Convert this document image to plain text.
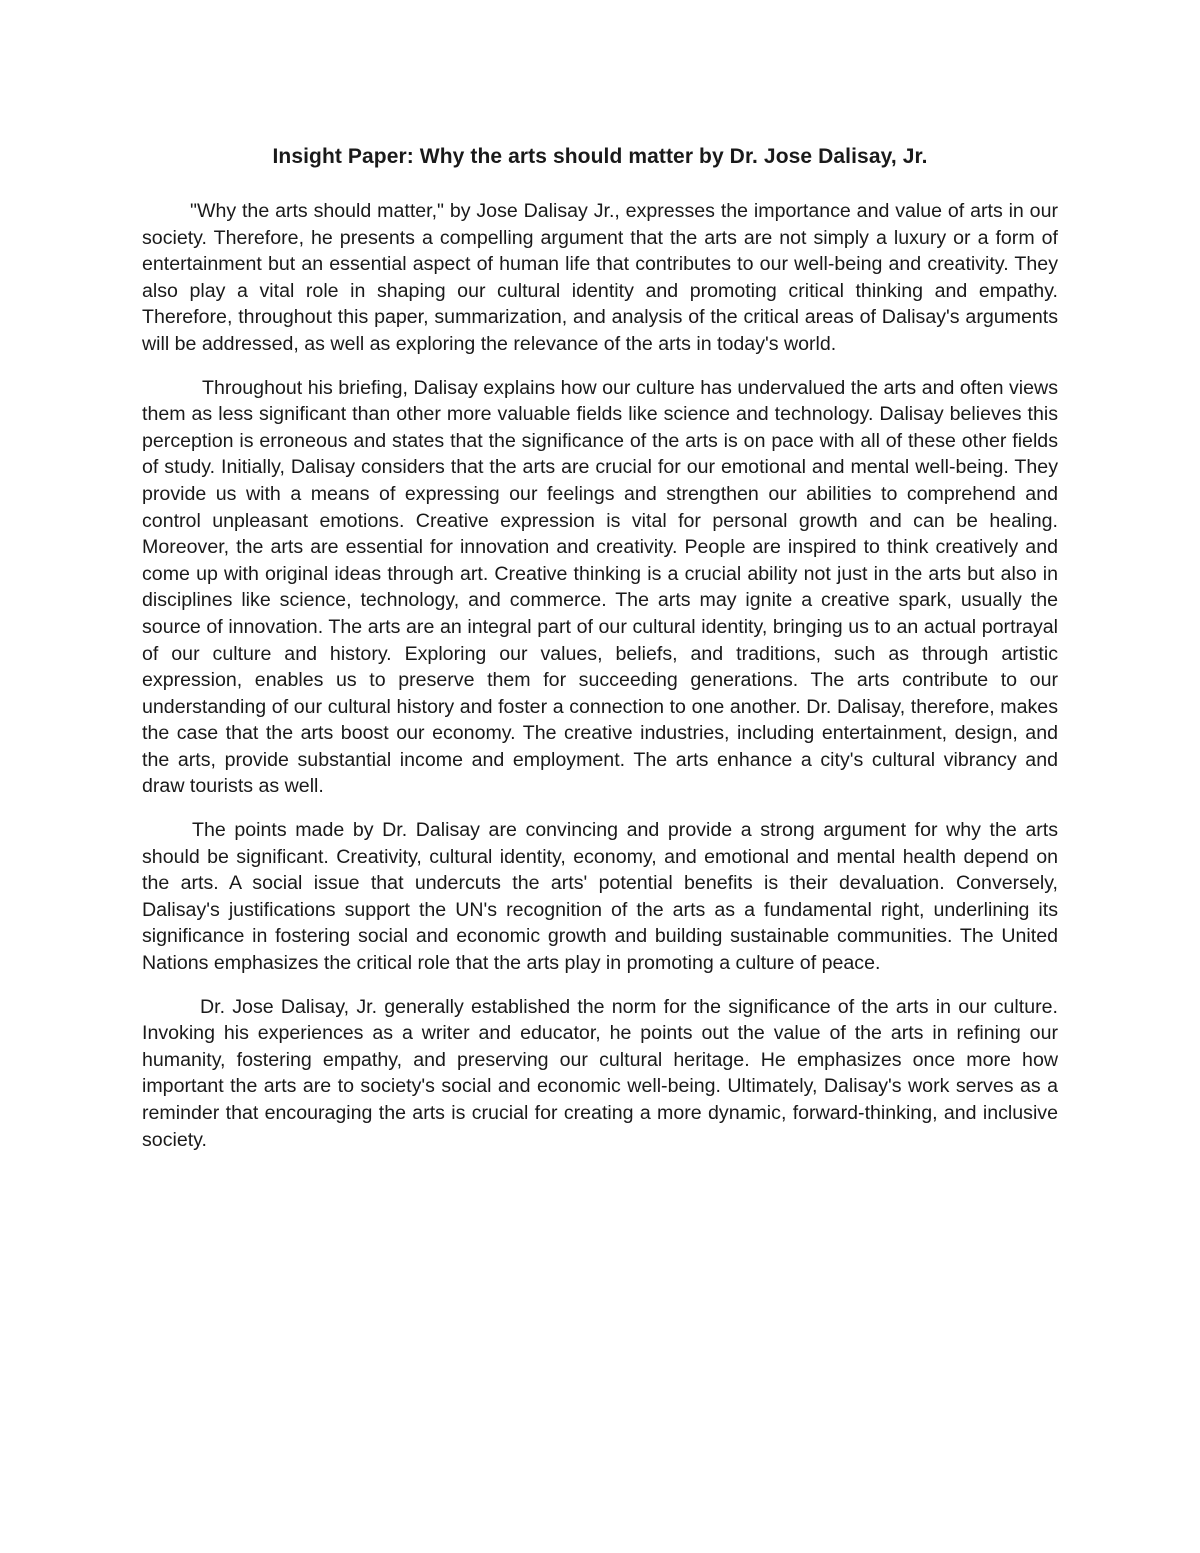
Insight Paper: Why the arts should matter by Dr. Jose Dalisay, Jr.

"Why the arts should matter," by Jose Dalisay Jr., expresses the importance and value of arts in our society. Therefore, he presents a compelling argument that the arts are not simply a luxury or a form of entertainment but an essential aspect of human life that contributes to our well-being and creativity. They also play a vital role in shaping our cultural identity and promoting critical thinking and empathy. Therefore, throughout this paper, summarization, and analysis of the critical areas of Dalisay's arguments will be addressed, as well as exploring the relevance of the arts in today's world.

Throughout his briefing, Dalisay explains how our culture has undervalued the arts and often views them as less significant than other more valuable fields like science and technology. Dalisay believes this perception is erroneous and states that the significance of the arts is on pace with all of these other fields of study. Initially, Dalisay considers that the arts are crucial for our emotional and mental well-being. They provide us with a means of expressing our feelings and strengthen our abilities to comprehend and control unpleasant emotions. Creative expression is vital for personal growth and can be healing. Moreover, the arts are essential for innovation and creativity. People are inspired to think creatively and come up with original ideas through art. Creative thinking is a crucial ability not just in the arts but also in disciplines like science, technology, and commerce. The arts may ignite a creative spark, usually the source of innovation. The arts are an integral part of our cultural identity, bringing us to an actual portrayal of our culture and history. Exploring our values, beliefs, and traditions, such as through artistic expression, enables us to preserve them for succeeding generations. The arts contribute to our understanding of our cultural history and foster a connection to one another. Dr. Dalisay, therefore, makes the case that the arts boost our economy. The creative industries, including entertainment, design, and the arts, provide substantial income and employment. The arts enhance a city's cultural vibrancy and draw tourists as well.

The points made by Dr. Dalisay are convincing and provide a strong argument for why the arts should be significant. Creativity, cultural identity, economy, and emotional and mental health depend on the arts. A social issue that undercuts the arts' potential benefits is their devaluation. Conversely, Dalisay's justifications support the UN's recognition of the arts as a fundamental right, underlining its significance in fostering social and economic growth and building sustainable communities. The United Nations emphasizes the critical role that the arts play in promoting a culture of peace.

Dr. Jose Dalisay, Jr. generally established the norm for the significance of the arts in our culture. Invoking his experiences as a writer and educator, he points out the value of the arts in refining our humanity, fostering empathy, and preserving our cultural heritage. He emphasizes once more how important the arts are to society's social and economic well-being. Ultimately, Dalisay's work serves as a reminder that encouraging the arts is crucial for creating a more dynamic, forward-thinking, and inclusive society.
